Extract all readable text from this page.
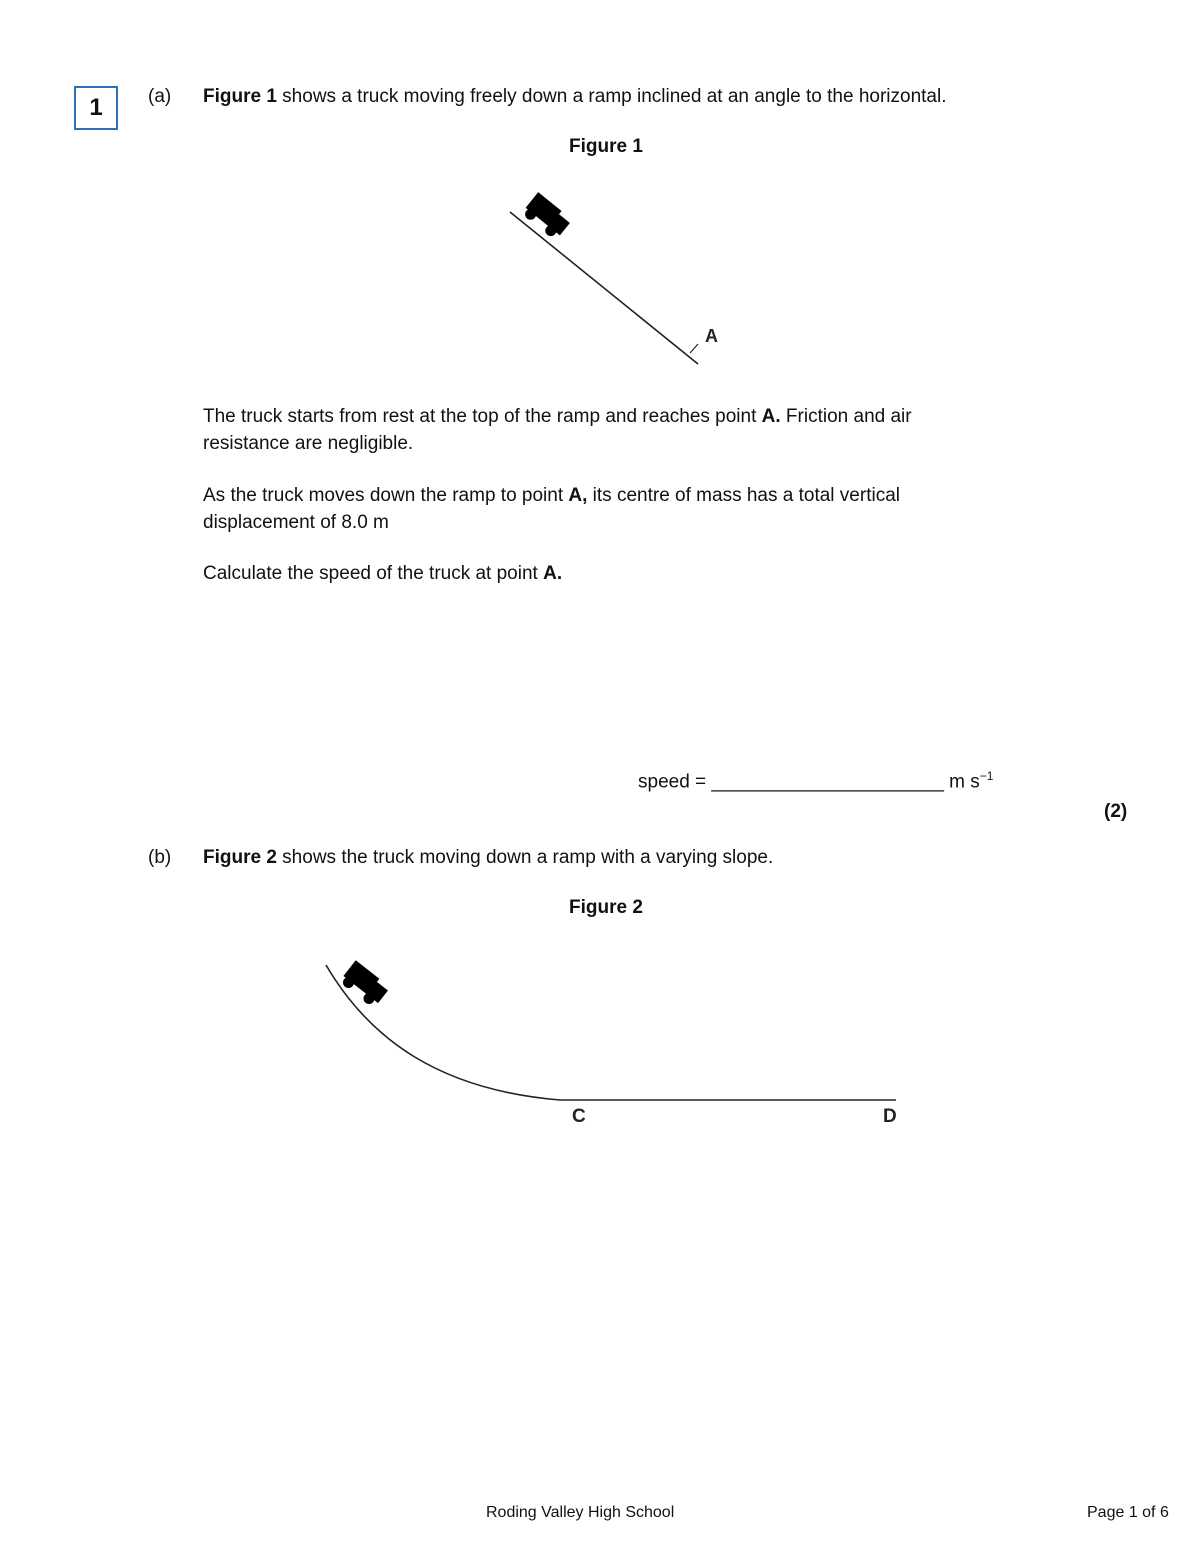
1 (a) Figure 1 shows a truck moving freely down a ramp inclined at an angle to the horizontal.
Figure 1
A
The truck starts from rest at the top of the ramp and reaches point A. Friction and air
resistance are negligible.
As the truck moves down the ramp to point A, its centre of mass has a total vertical
displacement of 8.0 m
Calculate the speed of the truck at point A.
speed = ______________________ m $s^{-1}$
(2)
(b) Figure 2 shows the truck moving down a ramp with a varying slope.
Figure 2
C	D
Roding Valley High School	Page 1 of 6
